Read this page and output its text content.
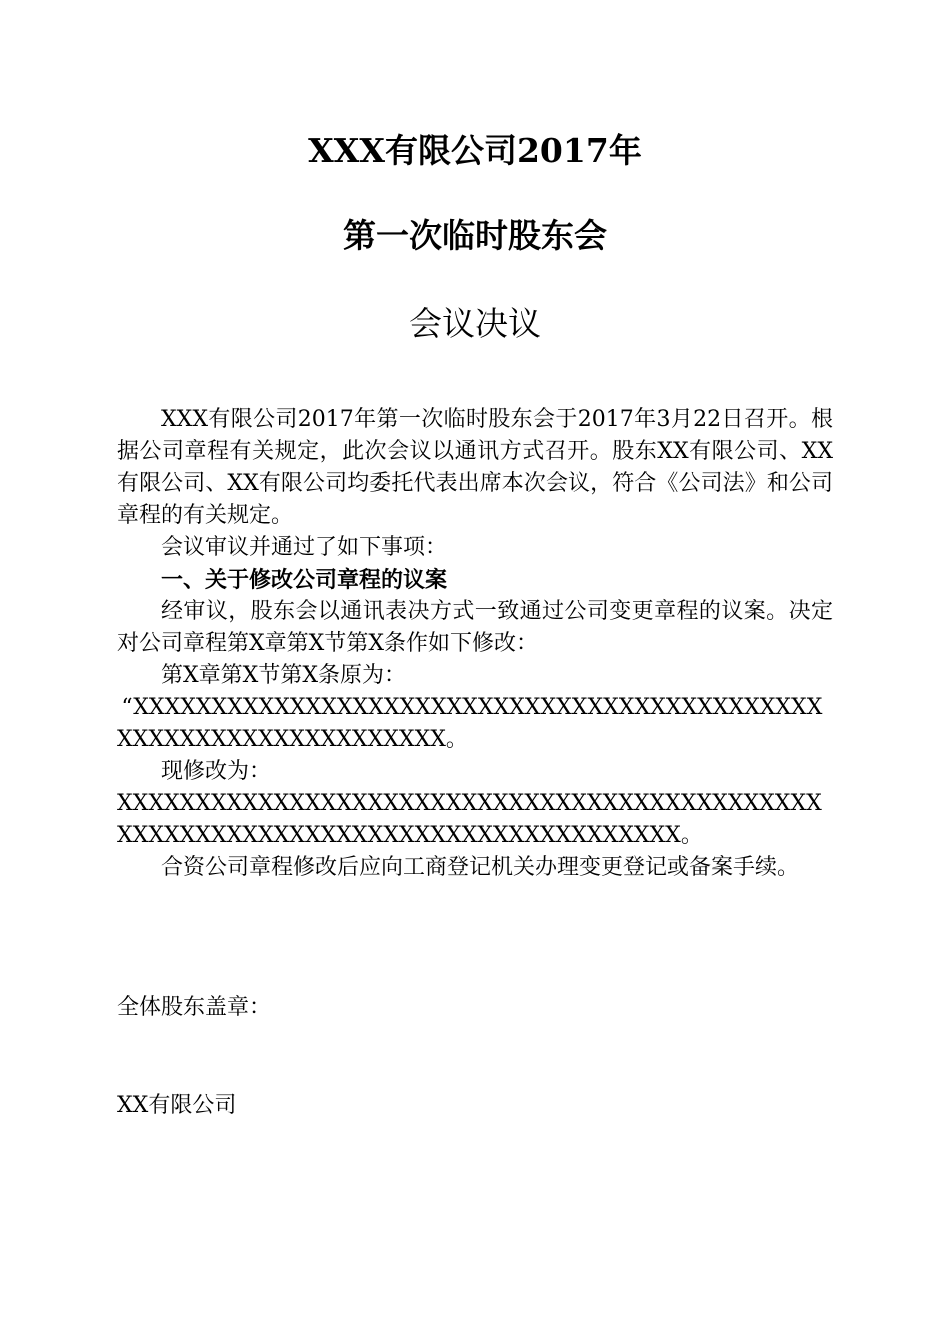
XXX有限公司2017年
第一次临时股东会
会议决议

XXX有限公司2017年第一次临时股东会于2017年3月22日召开。根据公司章程有关规定，此次会议以通讯方式召开。股东XX有限公司、XX有限公司、XX有限公司均委托代表出席本次会议，符合《公司法》和公司章程的有关规定。

会议审议并通过了如下事项：

一、关于修改公司章程的议案

经审议，股东会以通讯表决方式一致通过公司变更章程的议案。决定对公司章程第X章第X节第X条作如下修改：

第X章第X节第X条原为：

“XXXXXXXXXXXXXXXXXXXXXXXXXXXXXXXXXXXXXXXXXXXXXXXXXXXXXXXXXXXXXXXXX。

现修改为：

XXXXXXXXXXXXXXXXXXXXXXXXXXXXXXXXXXXXXXXXXXXXXXXXXXXXXXXXXXXXXXXXXXXXXXXXXXXXXXXXX。

合资公司章程修改后应向工商登记机关办理变更登记或备案手续。

全体股东盖章：
XX有限公司
